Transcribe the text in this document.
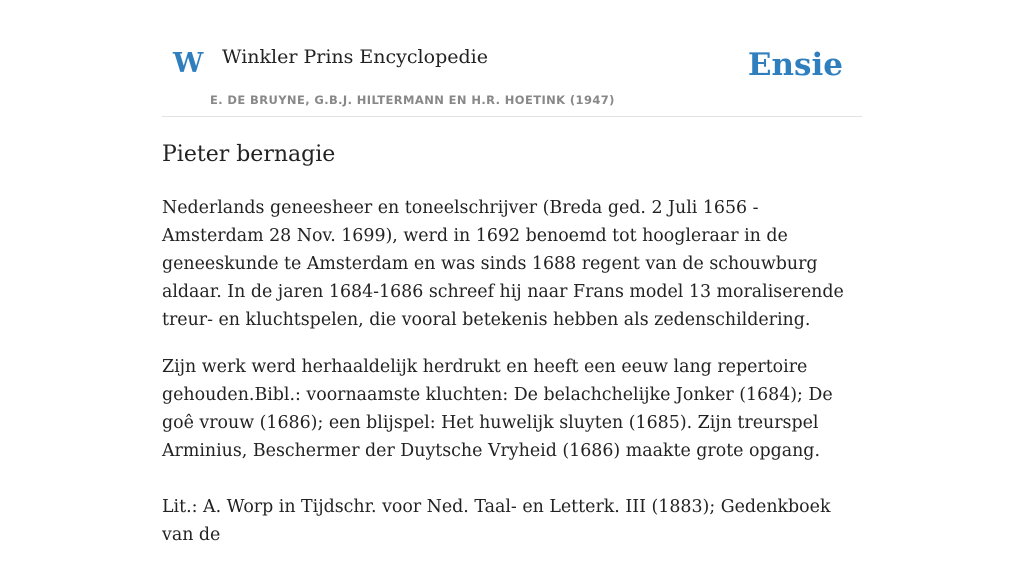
W Winkler Prins Encyclopedie
E. DE BRUYNE, G.B.J. HILTERMANN EN H.R. HOETINK (1947)
Ensie
Pieter bernagie

Nederlands geneesheer en toneelschrijver (Breda ged. 2 Juli 1656 - Amsterdam 28 Nov. 1699), werd in 1692 benoemd tot hoogleraar in de geneeskunde te Amsterdam en was sinds 1688 regent van de schouwburg aldaar. In de jaren 1684-1686 schreef hij naar Frans model 13 moraliserende treur- en kluchtspelen, die vooral betekenis hebben als zedenschildering.

Zijn werk werd herhaaldelijk herdrukt en heeft een eeuw lang repertoire gehouden.Bibl.: voornaamste kluchten: De belachchelijke Jonker (1684); De goê vrouw (1686); een blijspel: Het huwelijk sluyten (1685). Zijn treurspel Arminius, Beschermer der Duytsche Vryheid (1686) maakte grote opgang.

Lit.: A. Worp in Tijdschr. voor Ned. Taal- en Letterk. III (1883); Gedenkboek van de
